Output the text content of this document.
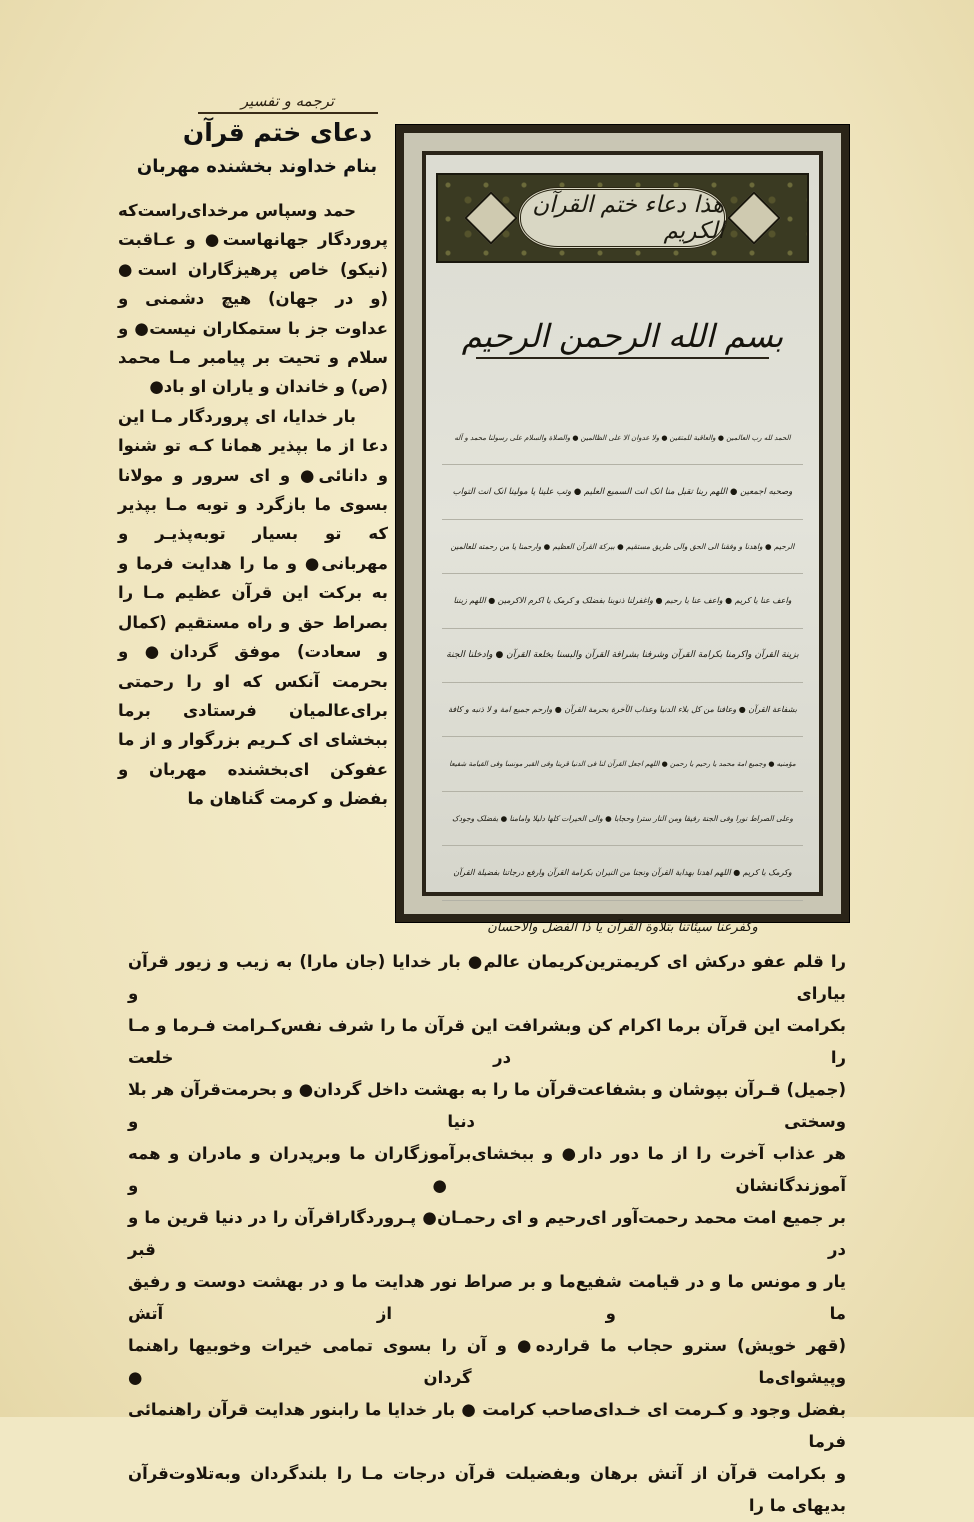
ترجمه و تفسیر
دعای ختم قرآن
بنام خداوند بخشنده مهربان

حمد وسپاس مرخدای‌راست‌که پروردگار جهانهاست● و عـاقبت (نیکو) خاص پرهیزگاران است● (و در جهان) هیچ دشمنی و عداوت جز با ستمکاران نیست● و سلام و تحیت بر پیامبر مـا محمد (ص) و خاندان و یاران او باد●

بار خدایا، ای پروردگار مـا این دعا از ما بپذیر همانا کـه تو شنوا و دانائی● و ای سرور و مولانا بسوی ما بازگرد و توبه مـا بپذیر که تو بسیار توبه‌پذیـر و مهربانی● و ما را هدایت فرما و به برکت این قرآن عظیم مـا را بصراط حق و راه مستقیم (کمال و سعادت) موفق گردان● و بحرمت آنکس که او را رحمتی برای‌عالمیان فرستادی برما ببخشای ای کـریم بزرگوار و از ما عفوکن ای‌بخشنده مهربان و بفضل و کرمت گناهان ما

هذا دعاء ختم القرآن الکریم
بسم الله الرحمن الرحیم
الحمد لله رب العالمین ● والعاقبة للمتقین ● ولا عدوان الا علی الظالمین ● والصلاة والسلام علی رسولنا محمد و آله
وصحبه اجمعین ● اللهم ربنا تقبل منا انک انت السمیع العلیم ● وتب علینا یا مولینا انک انت التواب
الرحیم ● واهدنا و وفقنا الی الحق والی طریق مستقیم ● ببرکة القرآن العظیم ● وارحمنا یا من رحمته للعالمین
واعف عنا یا کریم ● واعف عنا یا رحیم ● واغفرلنا ذنوبنا بفضلک و کرمک یا اکرم الاکرمین ● اللهم زیننا
بزینة القرآن واکرمنا بکرامة القرآن وشرفنا بشرافة القرآن والبسنا بخلعة القرآن ● وادخلنا الجنة
بشفاعة القرآن ● وعافنا من کل بلاء الدنیا وعذاب الآخرة بحرمة القرآن ● وارحم جمیع امة و لا ذنبه و کافة
مؤمنیه ● وجمیع امة محمد یا رحیم یا رحمن ● اللهم اجعل القرآن لنا فی الدنیا قرینا وفی القبر مونسا وفی القیامة شفیعا
وعلی الصراط نورا وفی الجنة رفیقا ومن النار سترا وحجابا ● والی الخیرات کلها دلیلا وامامنا ● بفضلک وجودک
وکرمک یا کریم ● اللهم اهدنا بهدایة القرآن ونجنا من النیران بکرامة القرآن وارفع درجاتنا بفضیلة القرآن
وکفرعنا سیئاتنا بتلاوة القرآن یا ذا الفضل والاحسان

را قلم عفو درکش ای کریمترین‌کریمان عالم● بار خدایا (جان مارا) به زیب و زیور قرآن بیارای و

بکرامت این قرآن برما اکرام کن وبشرافت این قرآن ما را شرف نفس‌کـرامت فـرما و مـا را در خلعت

(جمیل) قـرآن بپوشان و بشفاعت‌قرآن ما را به بهشت داخل گردان● و بحرمت‌قرآن هر بلا وسختی دنیا و

هر عذاب آخرت را از ما دور دار● و ببخشای‌برآموزگاران ما وبرپدران و مادران و همه آموزندگانشان● و

بر جمیع امت محمد رحمت‌آور ای‌رحیم و ای رحمـان● پـروردگارا‌قرآن را در دنیا قرین ما و در قبر

یار و مونس ما و در قیامت شفیع‌ما و بر صراط نور هدایت ما و در بهشت دوست و رفیق ما و از آتش

(قهر خویش) سترو حجاب ما قرارده● و آن را بسوی تمامی خیرات وخوبیها راهنما وپیشوای‌ما گردان●

بفضل وجود و کـرمت ای خـدای‌صاحب کرامت ● بار خدایا ما رابنور هدایت قرآن راهنمائی فرما

و بکرامت قرآن از آتش برهان وبفضیلت قرآن درجات مـا را بلندگردان وبه‌تلاوت‌قرآن بدیهای ما را
